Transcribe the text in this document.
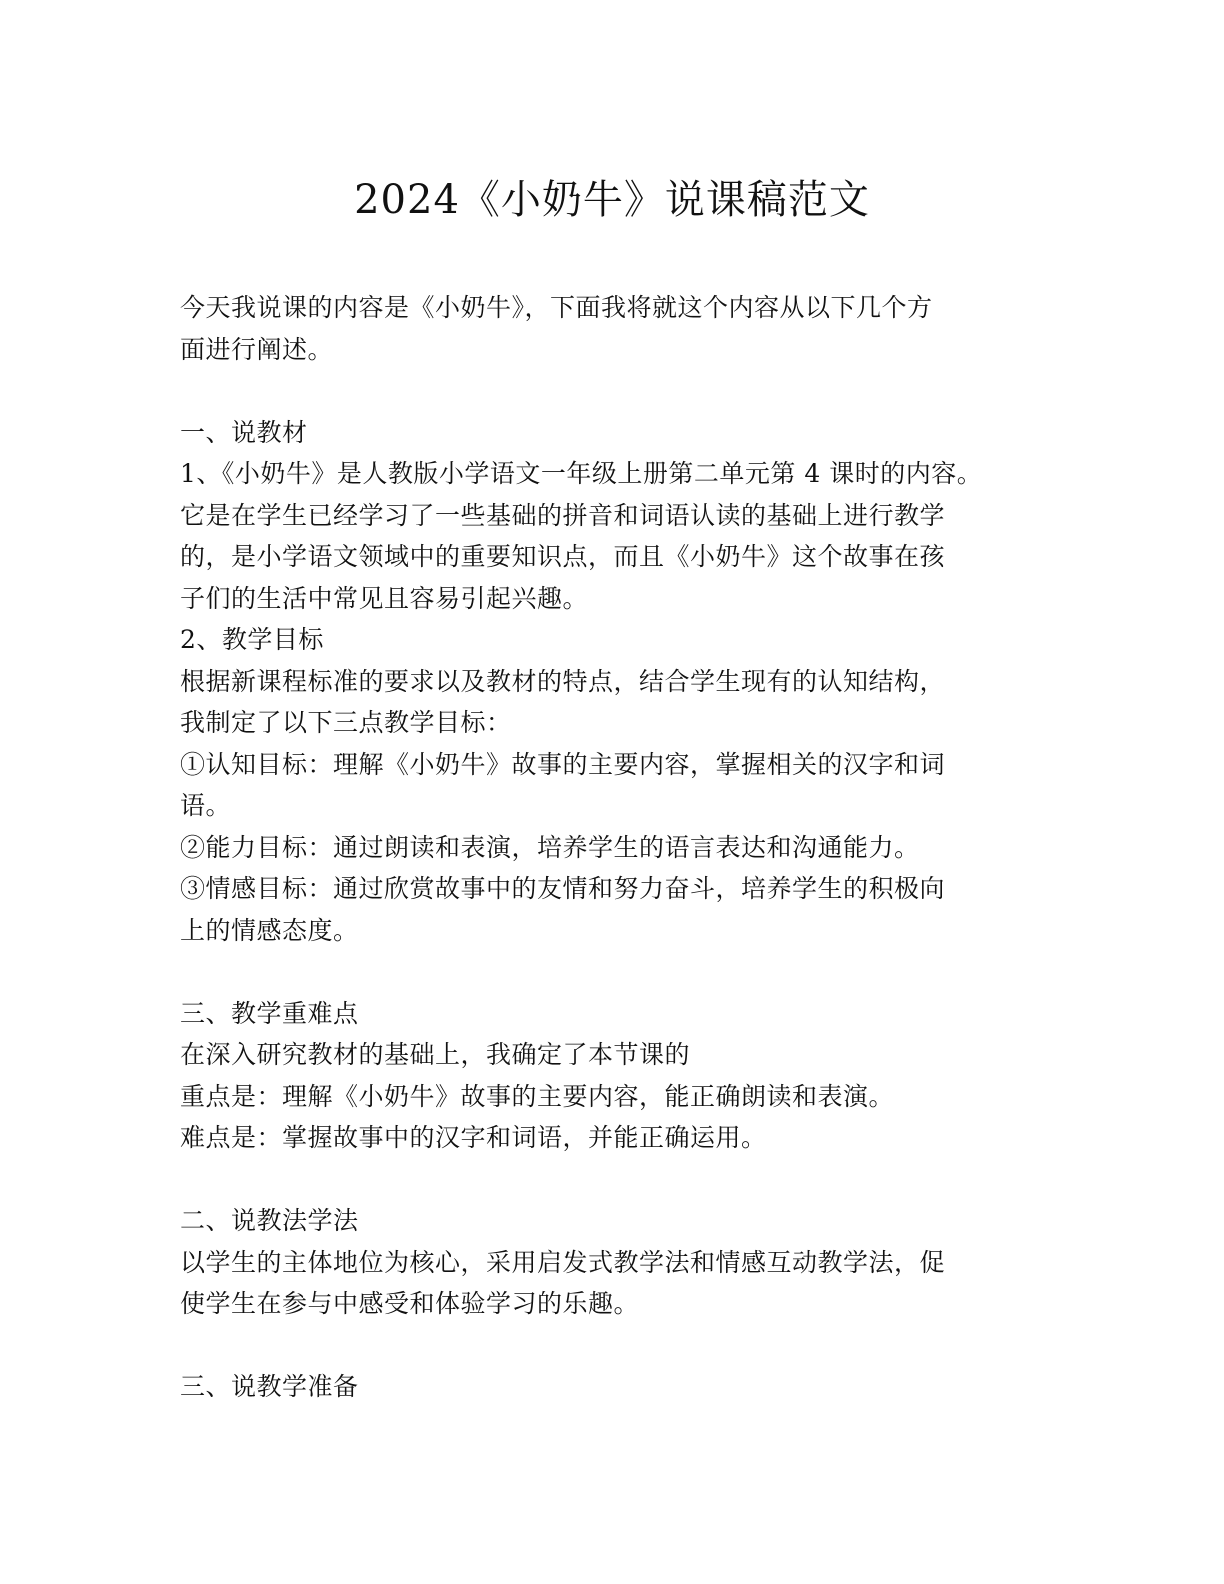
2024《小奶牛》说课稿范文
今天我说课的内容是《小奶牛》，下面我将就这个内容从以下几个方
面进行阐述。
一、说教材
1、《小奶牛》是人教版小学语文一年级上册第二单元第 4 课时的内容。
它是在学生已经学习了一些基础的拼音和词语认读的基础上进行教学
的，是小学语文领域中的重要知识点，而且《小奶牛》这个故事在孩
子们的生活中常见且容易引起兴趣。
2、教学目标
根据新课程标准的要求以及教材的特点，结合学生现有的认知结构，
我制定了以下三点教学目标：
①认知目标：理解《小奶牛》故事的主要内容，掌握相关的汉字和词
语。
②能力目标：通过朗读和表演，培养学生的语言表达和沟通能力。
③情感目标：通过欣赏故事中的友情和努力奋斗，培养学生的积极向
上的情感态度。
三、教学重难点
在深入研究教材的基础上，我确定了本节课的
重点是：理解《小奶牛》故事的主要内容，能正确朗读和表演。
难点是：掌握故事中的汉字和词语，并能正确运用。
二、说教法学法
以学生的主体地位为核心，采用启发式教学法和情感互动教学法，促
使学生在参与中感受和体验学习的乐趣。
三、说教学准备
